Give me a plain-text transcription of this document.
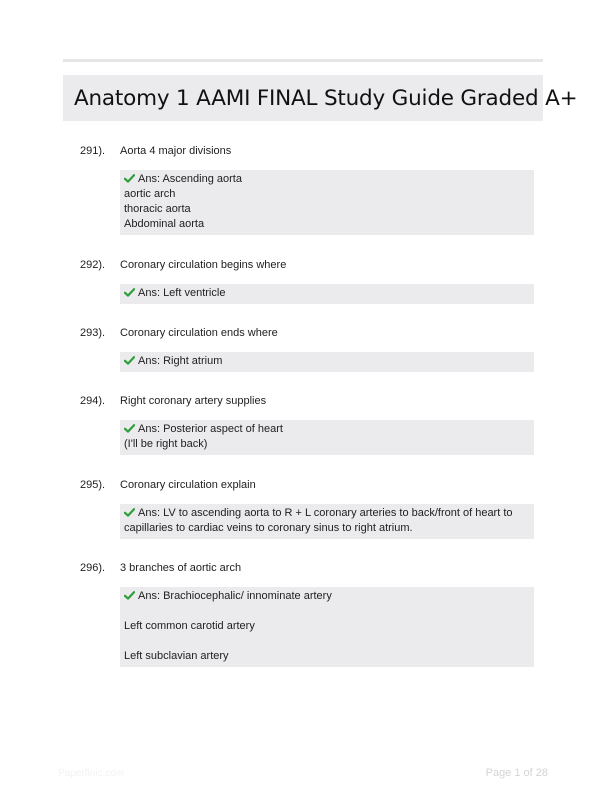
Anatomy 1 AAMI FINAL Study Guide Graded A+
291).	Aorta 4 major divisions
Ans: Ascending aorta
aortic arch
thoracic aorta
Abdominal aorta
292).	Coronary circulation begins where
Ans: Left ventricle
293).	Coronary circulation ends where
Ans: Right atrium
294).	Right coronary artery supplies
Ans: Posterior aspect of heart
(I'll be right back)
295).	Coronary circulation explain
Ans: LV to ascending aorta to R + L coronary arteries to back/front of heart to
capillaries to cardiac veins to coronary sinus to right atrium.
296).	3 branches of aortic arch
Ans: Brachiocephalic/ innominate artery
Left common carotid artery
Left subclavian artery
Paperfinic.com	Page 1 of 28
